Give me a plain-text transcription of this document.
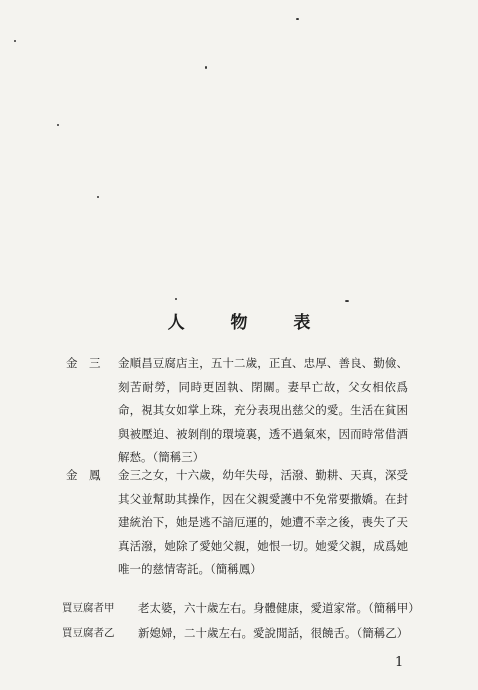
人 物 表
金　三 金順昌豆腐店主，五十二歲，正直、忠厚、善良、勤儉、刻苦耐勞，同時更固執、閉關。妻早亡故，父女相依爲命，視其女如掌上珠，充分表現出慈父的愛。生活在貧困與被壓迫、被剝削的環境裏，透不過氣來，因而時常借酒解愁。（簡稱三）
金　鳳 金三之女，十六歲，幼年失母，活潑、勤耕、天真，深受其父並幫助其操作，因在父親愛護中不免常要撒嬌。在封建統治下，她是逃不諳厄運的，她遭不幸之後，喪失了天真活潑，她除了愛她父親，她恨一切。她愛父親，成爲她唯一的慈情寄託。（簡稱鳳）
買豆腐者甲 老太婆，六十歲左右。身體健康，愛道家常。（簡稱甲）
買豆腐者乙 新媳婦，二十歲左右。愛說閒話，很饒舌。（簡稱乙）
1
